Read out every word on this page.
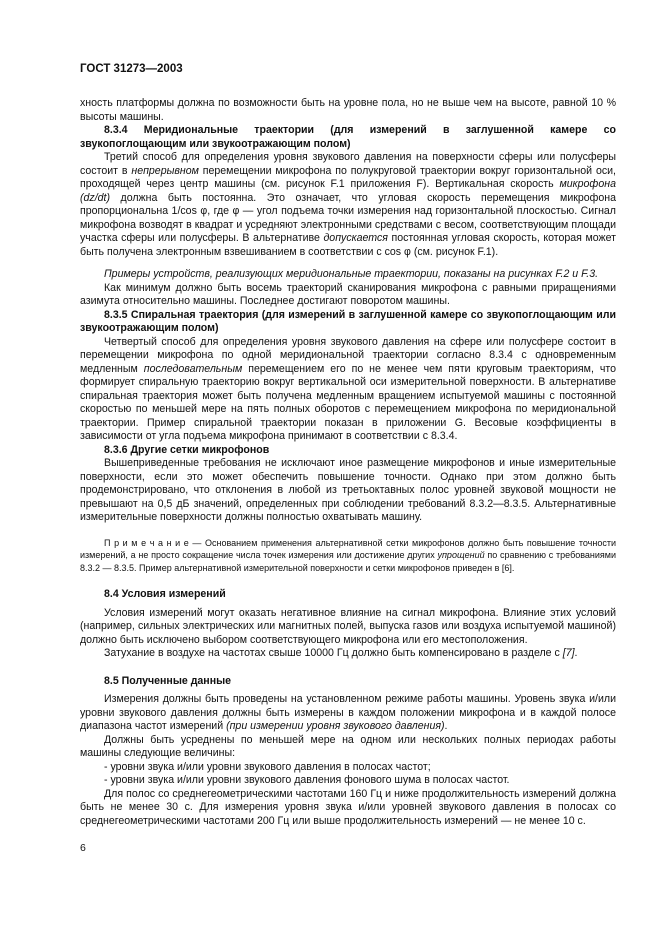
ГОСТ 31273—2003

хность платформы должна по возможности быть на уровне пола, но не выше чем на высоте, равной 10 % высоты машины.

8.3.4 Меридиональные траектории (для измерений в заглушенной камере со звукопоглощающим или звукоотражающим полом)

Третий способ для определения уровня звукового давления на поверхности сферы или полусферы состоит в непрерывном перемещении микрофона по полукруговой траектории вокруг горизонтальной оси, проходящей через центр машины (см. рисунок F.1 приложения F). Вертикальная скорость микрофона (dz/dt) должна быть постоянна. Это означает, что угловая скорость перемещения микрофона пропорциональна 1/cos φ, где φ — угол подъема точки измерения над горизонтальной плоскостью. Сигнал микрофона возводят в квадрат и усредняют электронными средствами с весом, соответствующим площади участка сферы или полусферы. В альтернативе допускается постоянная угловая скорость, которая может быть получена электронным взвешиванием в соответствии с cos φ (см. рисунок F.1).

Примеры устройств, реализующих меридиональные траектории, показаны на рисунках F.2 и F.3.

Как минимум должно быть восемь траекторий сканирования микрофона с равными приращениями азимута относительно машины. Последнее достигают поворотом машины.

8.3.5 Спиральная траектория (для измерений в заглушенной камере со звукопоглощающим или звукоотражающим полом)

Четвертый способ для определения уровня звукового давления на сфере или полусфере состоит в перемещении микрофона по одной меридиональной траектории согласно 8.3.4 с одновременным медленным последовательным перемещением его по не менее чем пяти круговым траекториям, что формирует спиральную траекторию вокруг вертикальной оси измерительной поверхности. В альтернативе спиральная траектория может быть получена медленным вращением испытуемой машины с постоянной скоростью по меньшей мере на пять полных оборотов с перемещением микрофона по меридиональной траектории. Пример спиральной траектории показан в приложении G. Весовые коэффициенты в зависимости от угла подъема микрофона принимают в соответствии с 8.3.4.

8.3.6 Другие сетки микрофонов

Вышеприведенные требования не исключают иное размещение микрофонов и иные измерительные поверхности, если это может обеспечить повышение точности. Однако при этом должно быть продемонстрировано, что отклонения в любой из третьоктавных полос уровней звуковой мощности не превышают на 0,5 дБ значений, определенных при соблюдении требований 8.3.2—8.3.5. Альтернативные измерительные поверхности должны полностью охватывать машину.

П р и м е ч а н и е — Основанием применения альтернативной сетки микрофонов должно быть повышение точности измерений, а не просто сокращение числа точек измерения или достижение других упрощений по сравнению с требованиями 8.3.2 — 8.3.5. Пример альтернативной измерительной поверхности и сетки микрофонов приведен в [6].

8.4 Условия измерений

Условия измерений могут оказать негативное влияние на сигнал микрофона. Влияние этих условий (например, сильных электрических или магнитных полей, выпуска газов или воздуха испытуемой машиной) должно быть исключено выбором соответствующего микрофона или его местоположения.

Затухание в воздухе на частотах свыше 10000 Гц должно быть компенсировано в разделе с [7].

8.5 Полученные данные

Измерения должны быть проведены на установленном режиме работы машины. Уровень звука и/или уровни звукового давления должны быть измерены в каждом положении микрофона и в каждой полосе диапазона частот измерений (при измерении уровня звукового давления).

Должны быть усреднены по меньшей мере на одном или нескольких полных периодах работы машины следующие величины:

- уровни звука и/или уровни звукового давления в полосах частот;

- уровни звука и/или уровни звукового давления фонового шума в полосах частот.

Для полос со среднегеометрическими частотами 160 Гц и ниже продолжительность измерений должна быть не менее 30 с. Для измерения уровня звука и/или уровней звукового давления в полосах со среднегеометрическими частотами 200 Гц или выше продолжительность измерений — не менее 10 с.

6
